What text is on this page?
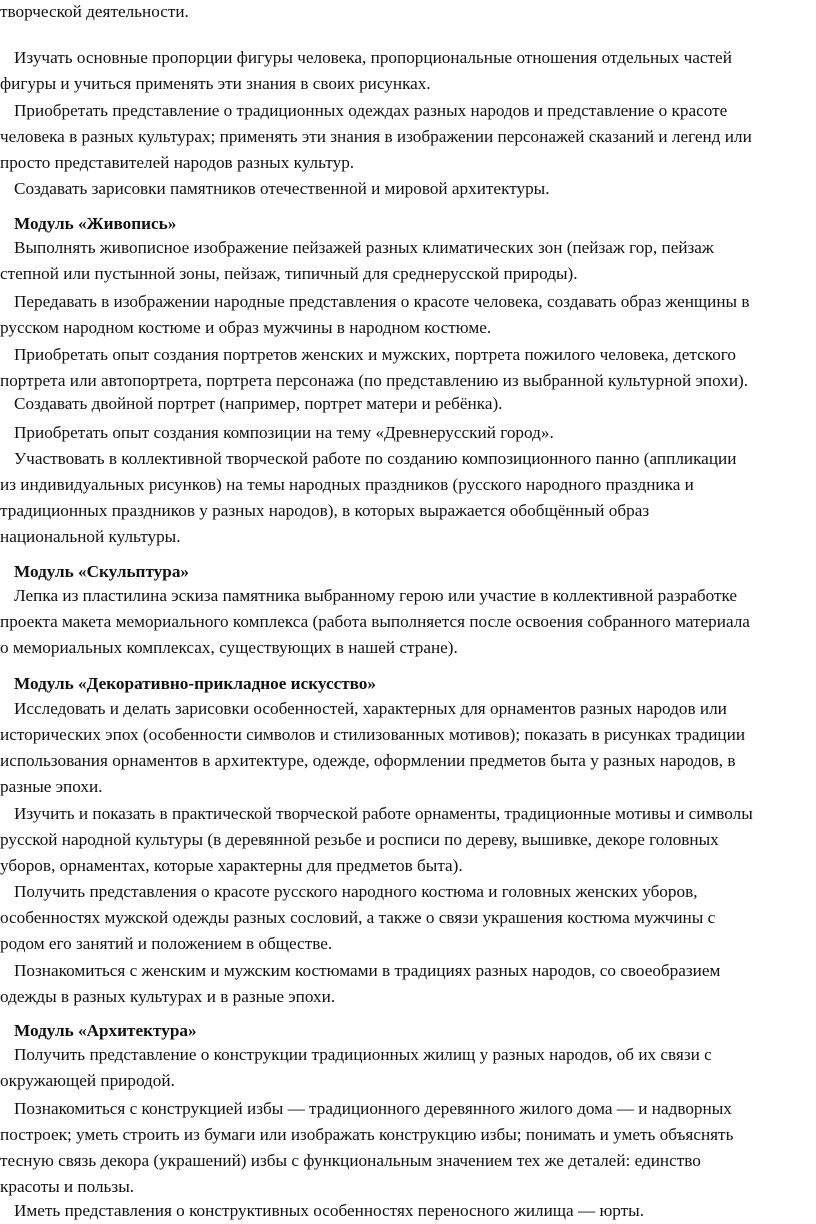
творческой деятельности.
Изучать основные пропорции фигуры человека, пропорциональные отношения отдельных частей
фигуры и учиться применять эти знания в своих рисунках.
Приобретать представление о традиционных одеждах разных народов и представление о красоте
человека в разных культурах; применять эти знания в изображении персонажей сказаний и легенд или
просто представителей народов разных культур.
Создавать зарисовки памятников отечественной и мировой архитектуры.
Модуль «Живопись»
Выполнять живописное изображение пейзажей разных климатических зон (пейзаж гор, пейзаж
степной или пустынной зоны, пейзаж, типичный для среднерусской природы).
Передавать в изображении народные представления о красоте человека, создавать образ женщины в
русском народном костюме и образ мужчины в народном костюме.
Приобретать опыт создания портретов женских и мужских, портрета пожилого человека, детского
портрета или автопортрета, портрета персонажа (по представлению из выбранной культурной эпохи).
Создавать двойной портрет (например, портрет матери и ребёнка).
Приобретать опыт создания композиции на тему «Древнерусский город».
Участвовать в коллективной творческой работе по созданию композиционного панно (аппликации
из индивидуальных рисунков) на темы народных праздников (русского народного праздника и
традиционных праздников у разных народов), в которых выражается обобщённый образ
национальной культуры.
Модуль «Скульптура»
Лепка из пластилина эскиза памятника выбранному герою или участие в коллективной разработке
проекта макета мемориального комплекса (работа выполняется после освоения собранного материала
о мемориальных комплексах, существующих в нашей стране).
Модуль «Декоративно-прикладное искусство»
Исследовать и делать зарисовки особенностей, характерных для орнаментов разных народов или
исторических эпох (особенности символов и стилизованных мотивов); показать в рисунках традиции
использования орнаментов в архитектуре, одежде, оформлении предметов быта у разных народов, в
разные эпохи.
Изучить и показать в практической творческой работе орнаменты, традиционные мотивы и символы
русской народной культуры (в деревянной резьбе и росписи по дереву, вышивке, декоре головных
уборов, орнаментах, которые характерны для предметов быта).
Получить представления о красоте русского народного костюма и головных женских уборов,
особенностях мужской одежды разных сословий, а также о связи украшения костюма мужчины с
родом его занятий и положением в обществе.
Познакомиться с женским и мужским костюмами в традициях разных народов, со своеобразием
одежды в разных культурах и в разные эпохи.
Модуль «Архитектура»
Получить представление о конструкции традиционных жилищ у разных народов, об их связи с
окружающей природой.
Познакомиться с конструкцией избы — традиционного деревянного жилого дома — и надворных
построек; уметь строить из бумаги или изображать конструкцию избы; понимать и уметь объяснять
тесную связь декора (украшений) избы с функциональным значением тех же деталей: единство
красоты и пользы.
Иметь представления о конструктивных особенностях переносного жилища — юрты.
